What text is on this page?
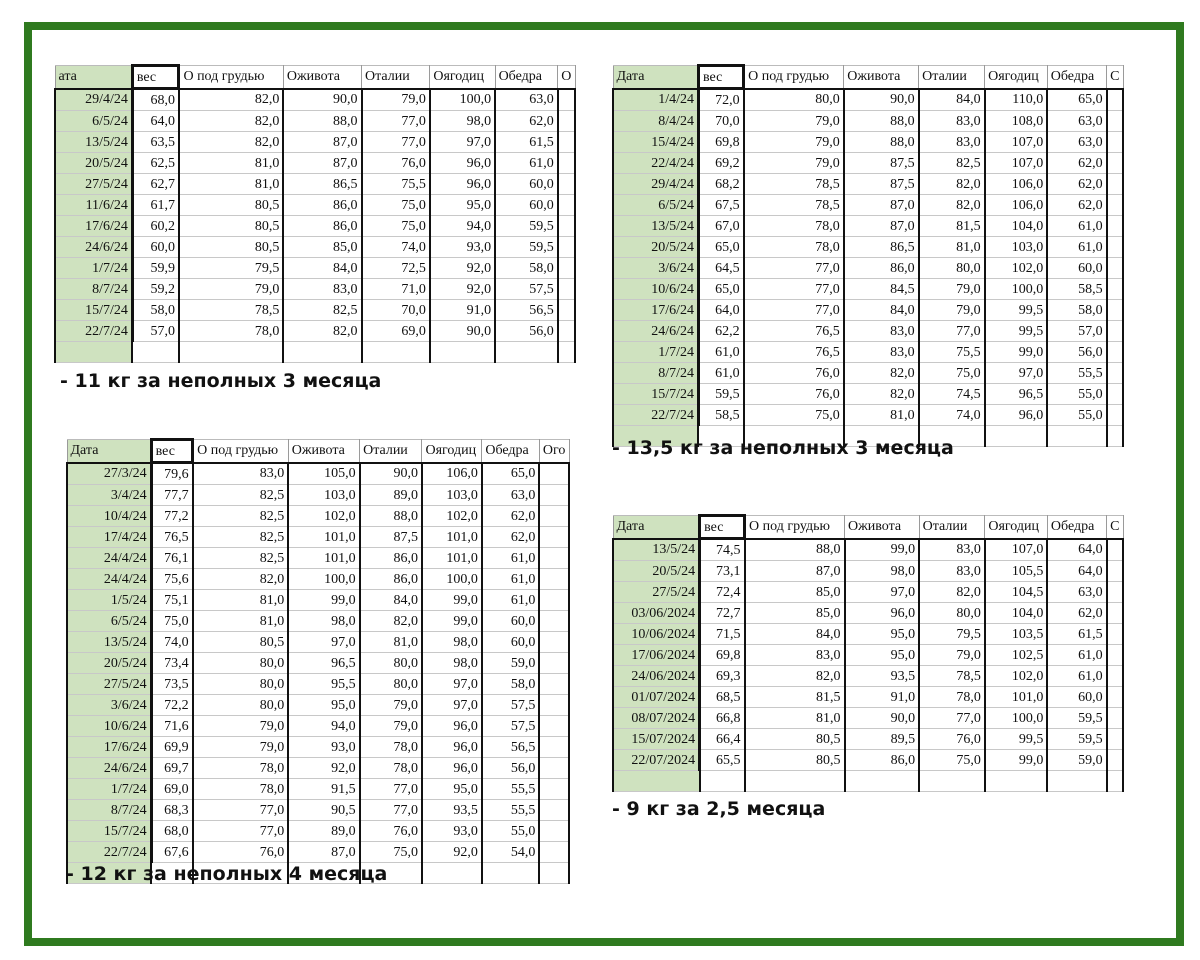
ата	вес	О под грудью	Оживота	Оталии	Оягодиц	Обедра	О
29/4/24	68,0	82,0	90,0	79,0	100,0	63,0	
6/5/24	64,0	82,0	88,0	77,0	98,0	62,0	
13/5/24	63,5	82,0	87,0	77,0	97,0	61,5	
20/5/24	62,5	81,0	87,0	76,0	96,0	61,0	
27/5/24	62,7	81,0	86,5	75,5	96,0	60,0	
11/6/24	61,7	80,5	86,0	75,0	95,0	60,0	
17/6/24	60,2	80,5	86,0	75,0	94,0	59,5	
24/6/24	60,0	80,5	85,0	74,0	93,0	59,5	
1/7/24	59,9	79,5	84,0	72,5	92,0	58,0	
8/7/24	59,2	79,0	83,0	71,0	92,0	57,5	
15/7/24	58,0	78,5	82,5	70,0	91,0	56,5	
22/7/24	57,0	78,0	82,0	69,0	90,0	56,0	

- 11 кг за неполных 3 месяца
Дата	вес	О под грудью	Оживота	Оталии	Оягодиц	Обедра	С
1/4/24	72,0	80,0	90,0	84,0	110,0	65,0	
8/4/24	70,0	79,0	88,0	83,0	108,0	63,0	
15/4/24	69,8	79,0	88,0	83,0	107,0	63,0	
22/4/24	69,2	79,0	87,5	82,5	107,0	62,0	
29/4/24	68,2	78,5	87,5	82,0	106,0	62,0	
6/5/24	67,5	78,5	87,0	82,0	106,0	62,0	
13/5/24	67,0	78,0	87,0	81,5	104,0	61,0	
20/5/24	65,0	78,0	86,5	81,0	103,0	61,0	
3/6/24	64,5	77,0	86,0	80,0	102,0	60,0	
10/6/24	65,0	77,0	84,5	79,0	100,0	58,5	
17/6/24	64,0	77,0	84,0	79,0	99,5	58,0	
24/6/24	62,2	76,5	83,0	77,0	99,5	57,0	
1/7/24	61,0	76,5	83,0	75,5	99,0	56,0	
8/7/24	61,0	76,0	82,0	75,0	97,0	55,5	
15/7/24	59,5	76,0	82,0	74,5	96,5	55,0	
22/7/24	58,5	75,0	81,0	74,0	96,0	55,0	

- 13,5 кг за неполных 3 месяца
Дата	вес	О под грудью	Оживота	Оталии	Оягодиц	Обедра	Ого
27/3/24	79,6	83,0	105,0	90,0	106,0	65,0	
3/4/24	77,7	82,5	103,0	89,0	103,0	63,0	
10/4/24	77,2	82,5	102,0	88,0	102,0	62,0	
17/4/24	76,5	82,5	101,0	87,5	101,0	62,0	
24/4/24	76,1	82,5	101,0	86,0	101,0	61,0	
24/4/24	75,6	82,0	100,0	86,0	100,0	61,0	
1/5/24	75,1	81,0	99,0	84,0	99,0	61,0	
6/5/24	75,0	81,0	98,0	82,0	99,0	60,0	
13/5/24	74,0	80,5	97,0	81,0	98,0	60,0	
20/5/24	73,4	80,0	96,5	80,0	98,0	59,0	
27/5/24	73,5	80,0	95,5	80,0	97,0	58,0	
3/6/24	72,2	80,0	95,0	79,0	97,0	57,5	
10/6/24	71,6	79,0	94,0	79,0	96,0	57,5	
17/6/24	69,9	79,0	93,0	78,0	96,0	56,5	
24/6/24	69,7	78,0	92,0	78,0	96,0	56,0	
1/7/24	69,0	78,0	91,5	77,0	95,0	55,5	
8/7/24	68,3	77,0	90,5	77,0	93,5	55,5	
15/7/24	68,0	77,0	89,0	76,0	93,0	55,0	
22/7/24	67,6	76,0	87,0	75,0	92,0	54,0	

- 12 кг за неполных 4 месяца
Дата	вес	О под грудью	Оживота	Оталии	Оягодиц	Обедра	С
13/5/24	74,5	88,0	99,0	83,0	107,0	64,0	
20/5/24	73,1	87,0	98,0	83,0	105,5	64,0	
27/5/24	72,4	85,0	97,0	82,0	104,5	63,0	
03/06/2024	72,7	85,0	96,0	80,0	104,0	62,0	
10/06/2024	71,5	84,0	95,0	79,5	103,5	61,5	
17/06/2024	69,8	83,0	95,0	79,0	102,5	61,0	
24/06/2024	69,3	82,0	93,5	78,5	102,0	61,0	
01/07/2024	68,5	81,5	91,0	78,0	101,0	60,0	
08/07/2024	66,8	81,0	90,0	77,0	100,0	59,5	
15/07/2024	66,4	80,5	89,5	76,0	99,5	59,5	
22/07/2024	65,5	80,5	86,0	75,0	99,0	59,0	

- 9 кг за 2,5 месяца
